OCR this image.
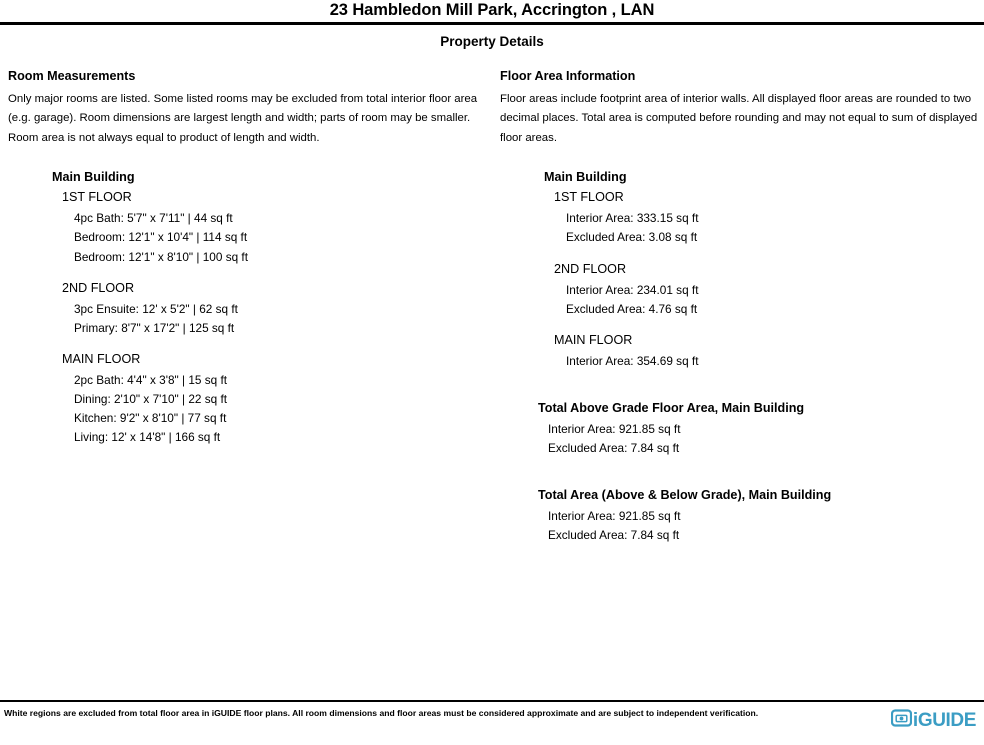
23 Hambledon Mill Park, Accrington , LAN
Property Details
Room Measurements

Only major rooms are listed. Some listed rooms may be excluded from total interior floor area (e.g. garage). Room dimensions are largest length and width; parts of room may be smaller. Room area is not always equal to product of length and width.

Main Building
1ST FLOOR
4pc Bath: 5'7" x 7'11" | 44 sq ft
Bedroom: 12'1" x 10'4" | 114 sq ft
Bedroom: 12'1" x 8'10" | 100 sq ft
2ND FLOOR
3pc Ensuite: 12' x 5'2" | 62 sq ft
Primary: 8'7" x 17'2" | 125 sq ft
MAIN FLOOR
2pc Bath: 4'4" x 3'8" | 15 sq ft
Dining: 2'10" x 7'10" | 22 sq ft
Kitchen: 9'2" x 8'10" | 77 sq ft
Living: 12' x 14'8" | 166 sq ft
Floor Area Information

Floor areas include footprint area of interior walls. All displayed floor areas are rounded to two decimal places. Total area is computed before rounding and may not equal to sum of displayed floor areas.

Main Building
1ST FLOOR
Interior Area: 333.15 sq ft
Excluded Area: 3.08 sq ft
2ND FLOOR
Interior Area: 234.01 sq ft
Excluded Area: 4.76 sq ft
MAIN FLOOR
Interior Area: 354.69 sq ft
Total Above Grade Floor Area, Main Building
Interior Area: 921.85 sq ft
Excluded Area: 7.84 sq ft
Total Area (Above & Below Grade), Main Building
Interior Area: 921.85 sq ft
Excluded Area: 7.84 sq ft
White regions are excluded from total floor area in iGUIDE floor plans. All room dimensions and floor areas must be considered approximate and are subject to independent verification.	iGUIDE
